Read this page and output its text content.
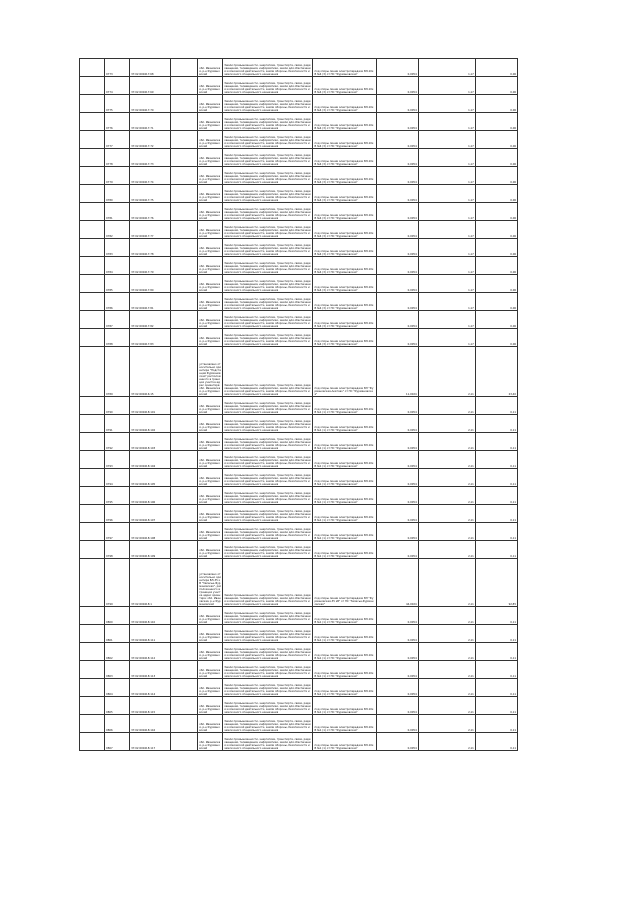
	9773	37:02:000417:68		обл. Ивановская, р-н Фурмановский	Земли промышленности, энергетики, транспорта, связи, радиовещания, телевидения, информатики, земли для обеспечения космической деятельности, земли обороны, безопасности и земли иного специального назначения	под опоры линии электропередачи ВЛ-10кВ №4 (3) от ПС "Фурмановская"	0,0054	1,17	0,06
	9774	37:02:000417:69		обл. Ивановская, р-н Фурмановский	Земли промышленности, энергетики, транспорта, связи, радиовещания, телевидения, информатики, земли для обеспечения космической деятельности, земли обороны, безопасности и земли иного специального назначения	под опоры линии электропередачи ВЛ-10кВ №4 (3) от ПС "Фурмановская"	0,0054	1,17	0,06
	9775	37:02:000417:70		обл. Ивановская, р-н Фурмановский	Земли промышленности, энергетики, транспорта, связи, радиовещания, телевидения, информатики, земли для обеспечения космической деятельности, земли обороны, безопасности и земли иного специального назначения	под опоры линии электропередачи ВЛ-10кВ №4 (3) от ПС "Фурмановская"	0,0054	1,17	0,06
	9776	37:02:000417:71		обл. Ивановская, р-н Фурмановский	Земли промышленности, энергетики, транспорта, связи, радиовещания, телевидения, информатики, земли для обеспечения космической деятельности, земли обороны, безопасности и земли иного специального назначения	под опоры линии электропередачи ВЛ-10кВ №4 (3) от ПС "Фурмановская"	0,0054	1,17	0,06
	9777	37:02:000417:72		обл. Ивановская, р-н Фурмановский	Земли промышленности, энергетики, транспорта, связи, радиовещания, телевидения, информатики, земли для обеспечения космической деятельности, земли обороны, безопасности и земли иного специального назначения	под опоры линии электропередачи ВЛ-10кВ №4 (3) от ПС "Фурмановская"	0,0054	1,17	0,06
	9778	37:02:000417:73		обл. Ивановская, р-н Фурмановский	Земли промышленности, энергетики, транспорта, связи, радиовещания, телевидения, информатики, земли для обеспечения космической деятельности, земли обороны, безопасности и земли иного специального назначения	под опоры линии электропередачи ВЛ-10кВ №4 (3) от ПС "Фурмановская"	0,0054	1,17	0,06
	9779	37:02:000417:74		обл. Ивановская, р-н Фурмановский	Земли промышленности, энергетики, транспорта, связи, радиовещания, телевидения, информатики, земли для обеспечения космической деятельности, земли обороны, безопасности и земли иного специального назначения	под опоры линии электропередачи ВЛ-10кВ №4 (3) от ПС "Фурмановская"	0,0054	1,17	0,06
	9780	37:02:000417:75		обл. Ивановская, р-н Фурмановский	Земли промышленности, энергетики, транспорта, связи, радиовещания, телевидения, информатики, земли для обеспечения космической деятельности, земли обороны, безопасности и земли иного специального назначения	под опоры линии электропередачи ВЛ-10кВ №4 (3) от ПС "Фурмановская"	0,0054	1,17	0,06
	9781	37:02:000417:76		обл. Ивановская, р-н Фурмановский	Земли промышленности, энергетики, транспорта, связи, радиовещания, телевидения, информатики, земли для обеспечения космической деятельности, земли обороны, безопасности и земли иного специального назначения	под опоры линии электропередачи ВЛ-10кВ №4 (3) от ПС "Фурмановская"	0,0054	1,17	0,06
	9782	37:02:000417:77		обл. Ивановская, р-н Фурмановский	Земли промышленности, энергетики, транспорта, связи, радиовещания, телевидения, информатики, земли для обеспечения космической деятельности, земли обороны, безопасности и земли иного специального назначения	под опоры линии электропередачи ВЛ-10кВ №4 (3) от ПС "Фурмановская"	0,0054	1,17	0,06
	9783	37:02:000417:78		обл. Ивановская, р-н Фурмановский	Земли промышленности, энергетики, транспорта, связи, радиовещания, телевидения, информатики, земли для обеспечения космической деятельности, земли обороны, безопасности и земли иного специального назначения	под опоры линии электропередачи ВЛ-10кВ №4 (3) от ПС "Фурмановская"	0,0054	1,17	0,06
	9784	37:02:000417:79		обл. Ивановская, р-н Фурмановский	Земли промышленности, энергетики, транспорта, связи, радиовещания, телевидения, информатики, земли для обеспечения космической деятельности, земли обороны, безопасности и земли иного специального назначения	под опоры линии электропередачи ВЛ-10кВ №4 (3) от ПС "Фурмановская"	0,0054	1,17	0,06
	9785	37:02:000417:80		обл. Ивановская, р-н Фурмановский	Земли промышленности, энергетики, транспорта, связи, радиовещания, телевидения, информатики, земли для обеспечения космической деятельности, земли обороны, безопасности и земли иного специального назначения	под опоры линии электропередачи ВЛ-10кВ №4 (3) от ПС "Фурмановская"	0,0054	1,17	0,06
	9786	37:02:000417:81		обл. Ивановская, р-н Фурмановский	Земли промышленности, энергетики, транспорта, связи, радиовещания, телевидения, информатики, земли для обеспечения космической деятельности, земли обороны, безопасности и земли иного специального назначения	под опоры линии электропередачи ВЛ-10кВ №4 (3) от ПС "Фурмановская"	0,0054	1,17	0,06
	9787	37:02:000417:82		обл. Ивановская, р-н Фурмановский	Земли промышленности, энергетики, транспорта, связи, радиовещания, телевидения, информатики, земли для обеспечения космической деятельности, земли обороны, безопасности и земли иного специального назначения	под опоры линии электропередачи ВЛ-10кВ №4 (3) от ПС "Фурмановская"	0,0054	1,17	0,06
	9788	37:02:000417:83		обл. Ивановская, р-н Фурмановский	Земли промышленности, энергетики, транспорта, связи, радиовещания, телевидения, информатики, земли для обеспечения космической деятельности, земли обороны, безопасности и земли иного специального назначения	под опоры линии электропередачи ВЛ-10кВ №4 (3) от ПС "Фурмановская"	0,0054	1,17	0,06
	9789	37:02:000416:15		установлено относительно ориентира "Подстанция Фурмановская" расположенного в границах участка адрес ориентира: обл. Ивановская, р-н Фурмановский	Земли промышленности, энергетики, транспорта, связи, радиовещания, телевидения, информатики, земли для обеспечения космической деятельности, земли обороны, безопасности и земли иного специального назначения	под опоры линии электропередачи ВЛ "Фурмановская-Акатово" от ПС "Фурмановская"	11,0024	2,11	23,40
	9790	37:02:000418:101		обл. Ивановская, р-н Фурмановский	Земли промышленности, энергетики, транспорта, связи, радиовещания, телевидения, информатики, земли для обеспечения космической деятельности, земли обороны, безопасности и земли иного специального назначения	под опоры линии электропередачи ВЛ-10кВ №1 (1) от ПС "Фурмановская"	0,0054	2,11	0,11
	9791	37:02:000418:102		обл. Ивановская, р-н Фурмановский	Земли промышленности, энергетики, транспорта, связи, радиовещания, телевидения, информатики, земли для обеспечения космической деятельности, земли обороны, безопасности и земли иного специального назначения	под опоры линии электропередачи ВЛ-10кВ №1 (1) от ПС "Фурмановская"	0,0054	2,11	0,11
	9792	37:02:000418:103		обл. Ивановская, р-н Фурмановский	Земли промышленности, энергетики, транспорта, связи, радиовещания, телевидения, информатики, земли для обеспечения космической деятельности, земли обороны, безопасности и земли иного специального назначения	под опоры линии электропередачи ВЛ-10кВ №1 (1) от ПС "Фурмановская"	0,0054	2,11	0,11
	9793	37:02:000418:104		обл. Ивановская, р-н Фурмановский	Земли промышленности, энергетики, транспорта, связи, радиовещания, телевидения, информатики, земли для обеспечения космической деятельности, земли обороны, безопасности и земли иного специального назначения	под опоры линии электропередачи ВЛ-10кВ №1 (1) от ПС "Фурмановская"	0,0054	2,11	0,11
	9794	37:02:000418:105		обл. Ивановская, р-н Фурмановский	Земли промышленности, энергетики, транспорта, связи, радиовещания, телевидения, информатики, земли для обеспечения космической деятельности, земли обороны, безопасности и земли иного специального назначения	под опоры линии электропередачи ВЛ-10кВ №1 (1) от ПС "Фурмановская"	0,0054	2,11	0,11
	9795	37:02:000418:106		обл. Ивановская, р-н Фурмановский	Земли промышленности, энергетики, транспорта, связи, радиовещания, телевидения, информатики, земли для обеспечения космической деятельности, земли обороны, безопасности и земли иного специального назначения	под опоры линии электропередачи ВЛ-10кВ №1 (1) от ПС "Фурмановская"	0,0054	2,11	0,11
	9796	37:02:000418:107		обл. Ивановская, р-н Фурмановский	Земли промышленности, энергетики, транспорта, связи, радиовещания, телевидения, информатики, земли для обеспечения космической деятельности, земли обороны, безопасности и земли иного специального назначения	под опоры линии электропередачи ВЛ-10кВ №1 (1) от ПС "Фурмановская"	0,0054	2,11	0,11
	9797	37:02:000418:108		обл. Ивановская, р-н Фурмановский	Земли промышленности, энергетики, транспорта, связи, радиовещания, телевидения, информатики, земли для обеспечения космической деятельности, земли обороны, безопасности и земли иного специального назначения	под опоры линии электропередачи ВЛ-10кВ №1 (1) от ПС "Фурмановская"	0,0054	2,11	0,11
	9798	37:02:000418:109		обл. Ивановская, р-н Фурмановский	Земли промышленности, энергетики, транспорта, связи, радиовещания, телевидения, информатики, земли для обеспечения космической деятельности, земли обороны, безопасности и земли иного специального назначения	под опоры линии электропередачи ВЛ-10кВ №1 (1) от ПС "Фурмановская"	0,0054	2,11	0,11
	9799	37:02:000418:1		установлено относительно ориентира ВЛ-35 кВ "Залесье-Фурмановская", расположенного в границах участка адрес ориентира: обл. Ивановская, р-н Фурмановский	Земли промышленности, энергетики, транспорта, связи, радиовещания, телевидения, информатики, земли для обеспечения космической деятельности, земли обороны, безопасности и земли иного специального назначения	под опоры линии электропередачи ВЛ "Фурмановская-35 кВ" от ПС "Залесье-Фурмановская"	44,0024	2,11	92,85
	9800	37:02:000418:110		обл. Ивановская, р-н Фурмановский	Земли промышленности, энергетики, транспорта, связи, радиовещания, телевидения, информатики, земли для обеспечения космической деятельности, земли обороны, безопасности и земли иного специального назначения	под опоры линии электропередачи ВЛ-10кВ №1 (1) от ПС "Фурмановская"	0,0054	2,11	0,11
	9801	37:02:000418:111		обл. Ивановская, р-н Фурмановский	Земли промышленности, энергетики, транспорта, связи, радиовещания, телевидения, информатики, земли для обеспечения космической деятельности, земли обороны, безопасности и земли иного специального назначения	под опоры линии электропередачи ВЛ-10кВ №1 (1) от ПС "Фурмановская"	0,0054	2,11	0,11
	9802	37:02:000418:112		обл. Ивановская, р-н Фурмановский	Земли промышленности, энергетики, транспорта, связи, радиовещания, телевидения, информатики, земли для обеспечения космической деятельности, земли обороны, безопасности и земли иного специального назначения	под опоры линии электропередачи ВЛ-10кВ №1 (1) от ПС "Фурмановская"	0,0054	2,11	0,11
	9803	37:02:000418:113		обл. Ивановская, р-н Фурмановский	Земли промышленности, энергетики, транспорта, связи, радиовещания, телевидения, информатики, земли для обеспечения космической деятельности, земли обороны, безопасности и земли иного специального назначения	под опоры линии электропередачи ВЛ-10кВ №1 (1) от ПС "Фурмановская"	0,0054	2,11	0,11
	9804	37:02:000418:114		обл. Ивановская, р-н Фурмановский	Земли промышленности, энергетики, транспорта, связи, радиовещания, телевидения, информатики, земли для обеспечения космической деятельности, земли обороны, безопасности и земли иного специального назначения	под опоры линии электропередачи ВЛ-10кВ №1 (1) от ПС "Фурмановская"	0,0054	2,11	0,11
	9805	37:02:000418:115		обл. Ивановская, р-н Фурмановский	Земли промышленности, энергетики, транспорта, связи, радиовещания, телевидения, информатики, земли для обеспечения космической деятельности, земли обороны, безопасности и земли иного специального назначения	под опоры линии электропередачи ВЛ-10кВ №1 (1) от ПС "Фурмановская"	0,0054	2,11	0,11
	9806	37:02:000418:116		обл. Ивановская, р-н Фурмановский	Земли промышленности, энергетики, транспорта, связи, радиовещания, телевидения, информатики, земли для обеспечения космической деятельности, земли обороны, безопасности и земли иного специального назначения	под опоры линии электропередачи ВЛ-10кВ №1 (1) от ПС "Фурмановская"	0,0054	2,11	0,11
	9807	37:02:000418:117		обл. Ивановская, р-н Фурмановский	Земли промышленности, энергетики, транспорта, связи, радиовещания, телевидения, информатики, земли для обеспечения космической деятельности, земли обороны, безопасности и земли иного специального назначения	под опоры линии электропередачи ВЛ-10кВ №1 (1) от ПС "Фурмановская"	0,0054	2,11	0,11
